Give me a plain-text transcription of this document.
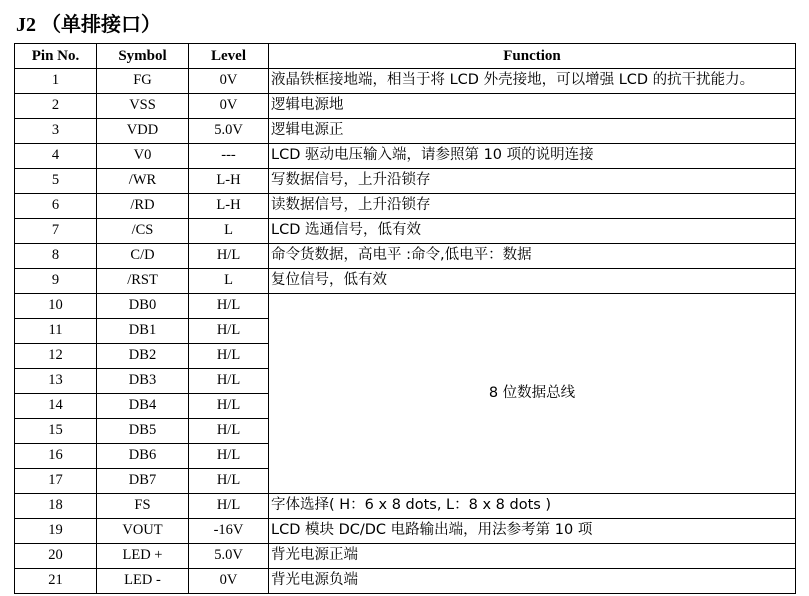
J2 （单排接口）
Pin No.	Symbol	Level	Function
1	FG	0V	液晶铁框接地端，相当于将 LCD 外壳接地，可以增强 LCD 的抗干扰能力。
2	VSS	0V	逻辑电源地
3	VDD	5.0V	逻辑电源正
4	V0	---	LCD 驱动电压输入端，请参照第 10 项的说明连接
5	/WR	L-H	写数据信号，上升沿锁存
6	/RD	L-H	读数据信号，上升沿锁存
7	/CS	L	LCD 选通信号，低有效
8	C/D	H/L	命令货数据，高电平 :命令,低电平：数据
9	/RST	L	复位信号，低有效
10	DB0	H/L	8 位数据总线
11	DB1	H/L	
12	DB2	H/L	
13	DB3	H/L	
14	DB4	H/L	
15	DB5	H/L	
16	DB6	H/L	
17	DB7	H/L	
18	FS	H/L	字体选择( H：6 x 8 dots, L：8 x 8 dots )
19	VOUT	-16V	LCD 模块 DC/DC 电路输出端，用法参考第 10 项
20	LED +	5.0V	背光电源正端
21	LED -	0V	背光电源负端
